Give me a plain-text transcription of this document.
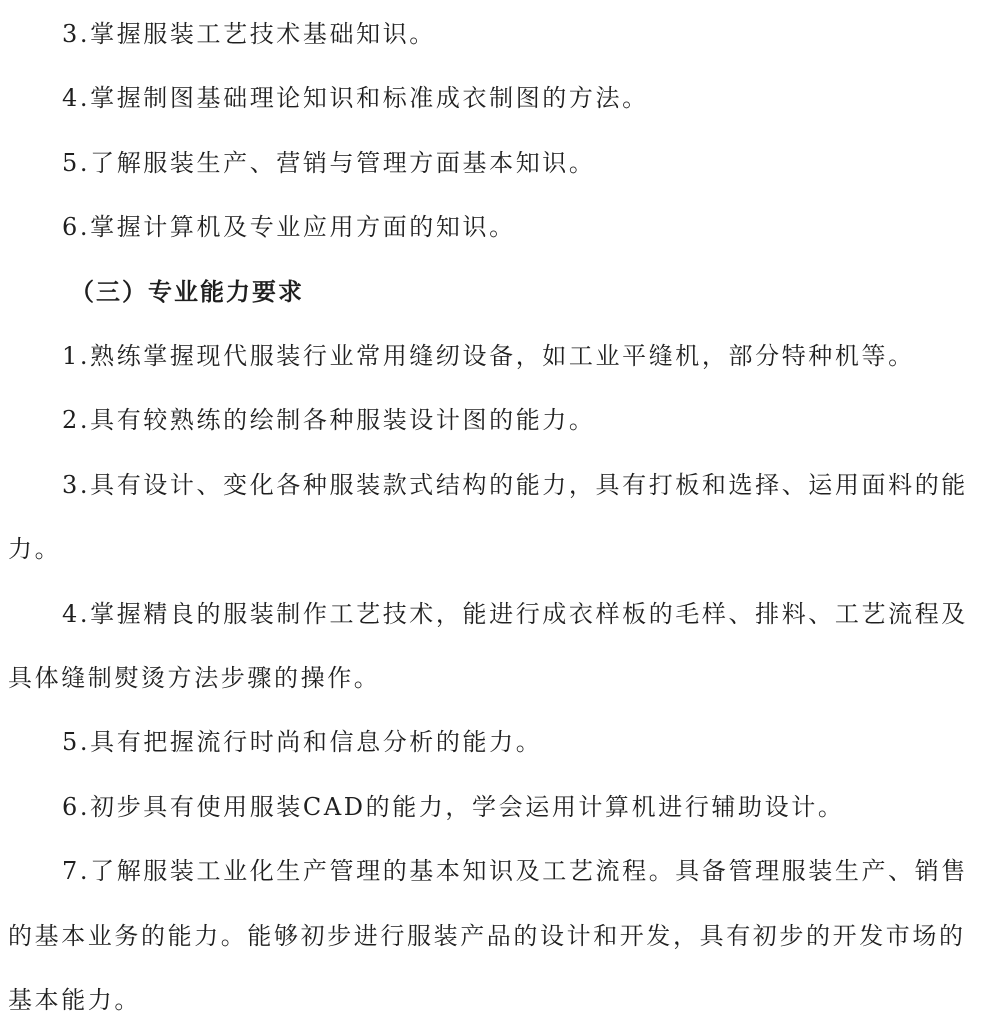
3.掌握服装工艺技术基础知识。

4.掌握制图基础理论知识和标准成衣制图的方法。

5.了解服装生产、营销与管理方面基本知识。

6.掌握计算机及专业应用方面的知识。

（三）专业能力要求

1.熟练掌握现代服装行业常用缝纫设备，如工业平缝机，部分特种机等。

2.具有较熟练的绘制各种服装设计图的能力。

3.具有设计、变化各种服装款式结构的能力，具有打板和选择、运用面料的能力。

4.掌握精良的服装制作工艺技术，能进行成衣样板的毛样、排料、工艺流程及具体缝制熨烫方法步骤的操作。

5.具有把握流行时尚和信息分析的能力。

6.初步具有使用服装CAD的能力，学会运用计算机进行辅助设计。

7.了解服装工业化生产管理的基本知识及工艺流程。具备管理服装生产、销售的基本业务的能力。能够初步进行服装产品的设计和开发，具有初步的开发市场的基本能力。
